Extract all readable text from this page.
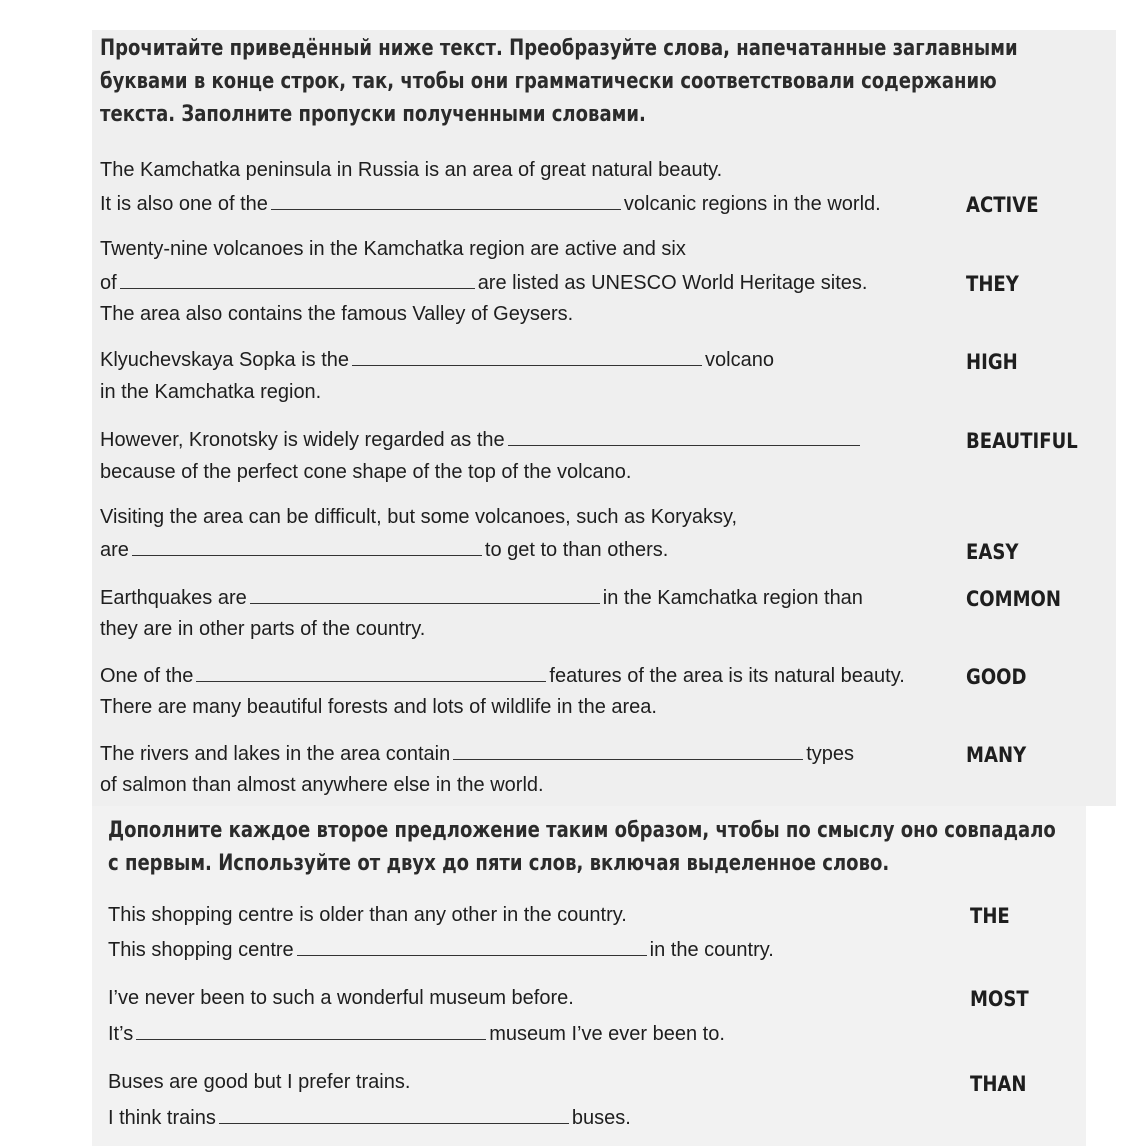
Прочитайте приведённый ниже текст. Преобразуйте слова, напечатанные заглавными
буквами в конце строк, так, чтобы они грамматически соответствовали содержанию
текста. Заполните пропуски полученными словами.
The Kamchatka peninsula in Russia is an area of great natural beauty.
It is also one of the	volcanic regions in the world.	ACTIVE
Twenty-nine volcanoes in the Kamchatka region are active and six
of	are listed as UNESCO World Heritage sites.	THEY
The area also contains the famous Valley of Geysers.
Klyuchevskaya Sopka is the	volcano	HIGH
in the Kamchatka region.
However, Kronotsky is widely regarded as the	BEAUTIFUL
because of the perfect cone shape of the top of the volcano.
Visiting the area can be difficult, but some volcanoes, such as Koryaksy,
are	to get to than others.	EASY
Earthquakes are	in the Kamchatka region than	COMMON
they are in other parts of the country.
One of the	features of the area is its natural beauty.	GOOD
There are many beautiful forests and lots of wildlife in the area.
The rivers and lakes in the area contain	types	MANY
of salmon than almost anywhere else in the world.
Дополните каждое второе предложение таким образом, чтобы по смыслу оно совпадало
с первым. Используйте от двух до пяти слов, включая выделенное слово.
This shopping centre is older than any other in the country.	THE
This shopping centre	in the country.
I’ve never been to such a wonderful museum before.	MOST
It’s	museum I’ve ever been to.
Buses are good but I prefer trains.	THAN
I think trains	buses.
